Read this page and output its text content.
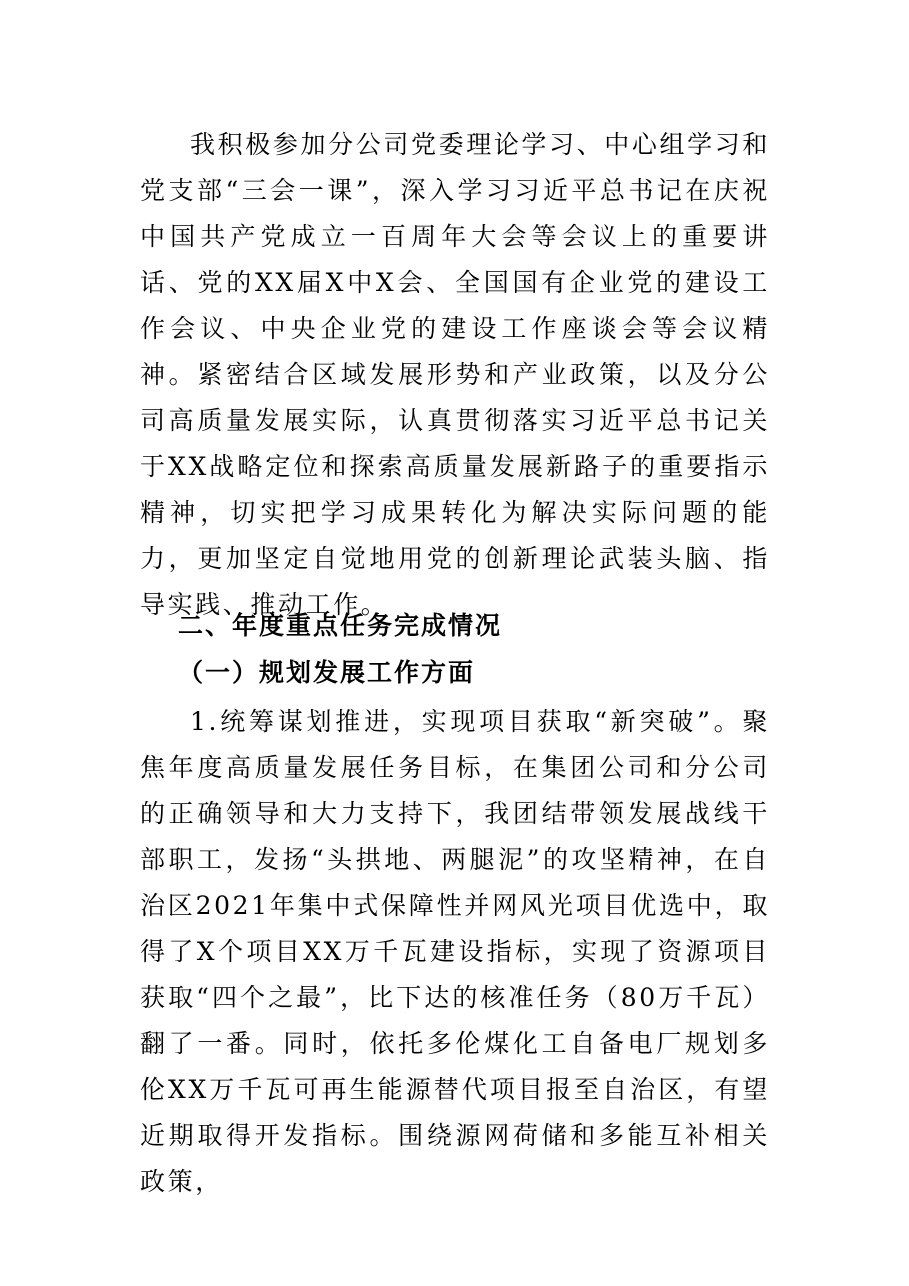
我积极参加分公司党委理论学习、中心组学习和党支部“三会一课”，深入学习习近平总书记在庆祝中国共产党成立一百周年大会等会议上的重要讲话、党的XX届X中X会、全国国有企业党的建设工作会议、中央企业党的建设工作座谈会等会议精神。紧密结合区域发展形势和产业政策，以及分公司高质量发展实际，认真贯彻落实习近平总书记关于XX战略定位和探索高质量发展新路子的重要指示精神，切实把学习成果转化为解决实际问题的能力，更加坚定自觉地用党的创新理论武装头脑、指导实践、推动工作。

二、年度重点任务完成情况
（一）规划发展工作方面

1.统筹谋划推进，实现项目获取“新突破”。聚焦年度高质量发展任务目标，在集团公司和分公司的正确领导和大力支持下，我团结带领发展战线干部职工，发扬“头拱地、两腿泥”的攻坚精神，在自治区2021年集中式保障性并网风光项目优选中，取得了X个项目XX万千瓦建设指标，实现了资源项目获取“四个之最”，比下达的核准任务（80万千瓦）翻了一番。同时，依托多伦煤化工自备电厂规划多伦XX万千瓦可再生能源替代项目报至自治区，有望近期取得开发指标。围绕源网荷储和多能互补相关政策，
